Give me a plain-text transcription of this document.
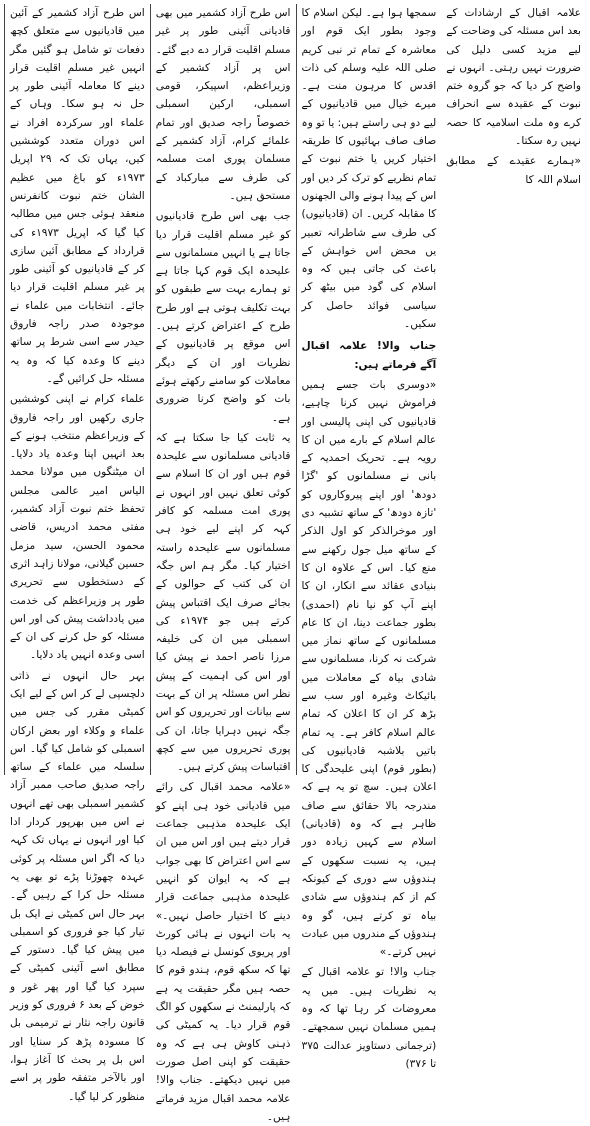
اس طرح آزاد کشمیر کے آئین میں قادیانیوں سے متعلق کچھ دفعات تو شامل ہو گئیں مگر انہیں غیر مسلم اقلیت قرار دینے کا معاملہ آئینی طور پر حل نہ ہو سکا۔ وہاں کے علماء اور سرکردہ افراد نے اس دوران متعدد کوششیں کیں، یہاں تک کہ ۲۹ اپریل ۱۹۷۳ء کو باغ میں عظیم الشان ختم نبوت کانفرنس منعقد ہوئی جس میں مطالبہ کیا گیا کہ اپریل ۱۹۷۳ء کی قرارداد کے مطابق آئین سازی کر کے قادیانیوں کو آئینی طور پر غیر مسلم اقلیت قرار دیا جائے۔ انتخابات میں علماء نے موجودہ صدر راجہ فاروق حیدر سے اسی شرط پر ساتھ دینے کا وعدہ کیا کہ وہ یہ مسئلہ حل کرائیں گے۔

علماء کرام نے اپنی کوششیں جاری رکھیں اور راجہ فاروق کے وزیراعظم منتخب ہونے کے بعد انہیں اپنا وعدہ یاد دلایا۔ ان میٹنگوں میں مولانا محمد الیاس امیر عالمی مجلس تحفظ ختم نبوت آزاد کشمیر، مفتی محمد ادریس، قاضی محمود الحسن، سید مزمل حسین گیلانی، مولانا زاہد اثری کے دستخطوں سے تحریری طور پر وزیراعظم کی خدمت میں یادداشت پیش کی اور اس مسئلہ کو حل کرنے کی ان کے اسی وعدہ انہیں یاد دلایا۔

بہر حال انہوں نے ذاتی دلچسپی لے کر اس کے لیے ایک کمیٹی مقرر کی جس میں علماء و وکلاء اور بعض ارکان اسمبلی کو شامل کیا گیا۔ اس سلسلہ میں علماء کے ساتھ راجہ صدیق صاحب ممبر آزاد کشمیر اسمبلی بھی تھے انہوں نے اس میں بھرپور کردار ادا کیا اور انہوں نے یہاں تک کہہ دیا کہ اگر اس مسئلہ پر کوئی عہدہ چھوڑنا پڑے تو بھی یہ مسئلہ حل کرا کے رہیں گے۔ بہر حال اس کمیٹی نے ایک بل تیار کیا جو فروری کو اسمبلی میں پیش کیا گیا۔ دستور کے مطابق اسے آئینی کمیٹی کے سپرد کیا گیا اور پھر غور و خوض کے بعد ۶ فروری کو وزیر قانون راجہ نثار نے ترمیمی بل کا مسودہ پڑھ کر سنایا اور اس بل پر بحث کا آغاز ہوا، اور بالآخر متفقہ طور پر اسے منظور کر لیا گیا۔

اس طرح آزاد کشمیر میں بھی قادیانی آئینی طور پر غیر مسلم اقلیت قرار دے دیے گئے۔ اس پر آزاد کشمیر کے وزیراعظم، اسپیکر، قومی اسمبلی، ارکین اسمبلی خصوصاً راجہ صدیق اور تمام علمائے کرام، آزاد کشمیر کے مسلمان پوری امت مسلمہ کی طرف سے مبارکباد کے مستحق ہیں۔

جب بھی اس طرح قادیانیوں کو غیر مسلم اقلیت قرار دیا جاتا ہے یا انہیں مسلمانوں سے علیحدہ ایک قوم کہا جاتا ہے تو ہمارے بہت سے طبقوں کو بہت تکلیف ہوتی ہے اور طرح طرح کے اعتراض کرتے ہیں۔ اس موقع پر قادیانیوں کے نظریات اور ان کے دیگر معاملات کو سامنے رکھتے ہوئے بات کو واضح کرنا ضروری ہے۔

یہ ثابت کیا جا سکتا ہے کہ قادیانی مسلمانوں سے علیحدہ قوم ہیں اور ان کا اسلام سے کوئی تعلق نہیں اور انہوں نے پوری امت مسلمہ کو کافر کہہ کر اپنے لیے خود ہی مسلمانوں سے علیحدہ راستہ اختیار کیا۔ مگر ہم اس جگہ ان کی کتب کے حوالوں کے بجائے صرف ایک اقتباس پیش کرتے ہیں جو ۱۹۷۴ء کی اسمبلی میں ان کی خلیفہ مرزا ناصر احمد نے پیش کیا اور اس کی اہمیت کے پیش نظر اس مسئلہ پر ان کے بہت سے بیانات اور تحریروں کو اس جگہ نہیں دہرایا جاتا، ان کی پوری تحریروں میں سے کچھ اقتباسات پیش کرتے ہیں۔

«علامہ محمد اقبال کی رائے میں قادیانی خود ہی اپنے کو ایک علیحدہ مذہبی جماعت قرار دیتے ہیں اور اس میں ان سے اس اعتراض کا بھی جواب ہے کہ یہ ایوان کو انہیں علیحدہ مذہبی جماعت قرار دینے کا اختیار حاصل نہیں۔» یہ بات انہوں نے ہائی کورٹ اور پریوی کونسل نے فیصلہ دیا تھا کہ سکھ قوم، ہندو قوم کا حصہ ہیں مگر حقیقت یہ ہے کہ پارلیمنٹ نے سکھوں کو الگ قوم قرار دیا۔ یہ کمیٹی کی ذہنی کاوش ہی ہے کہ وہ حقیقت کو اپنی اصل صورت میں نہیں دیکھتے۔ جناب والا! علامہ محمد اقبال مزید فرماتے ہیں۔

سمجھا ہوا ہے۔ لیکن اسلام کا وجود بطور ایک قوم اور معاشرہ کے تمام تر نبی کریم صلی اللہ علیہ وسلم کی ذات اقدس کا مرہون منت ہے۔ میرے خیال میں قادیانیوں کے لیے دو ہی راستے ہیں: یا تو وہ صاف صاف بہائیوں کا طریقہ اختیار کریں یا ختم نبوت کے تمام نظریے کو ترک کر دیں اور اس کے پیدا ہونے والی الجھنوں کا مقابلہ کریں۔ ان (قادیانیوں) کی طرف سے شاطرانہ تعبیر یں محض اس خواہش کے باعث کی جاتی ہیں کہ وہ اسلام کی گود میں بیٹھ کر سیاسی فوائد حاصل کر سکیں۔

جناب والا! علامہ اقبال آگے فرماتے ہیں:

«دوسری بات جسے ہمیں فراموش نہیں کرنا چاہیے، قادیانیوں کی اپنی پالیسی اور عالم اسلام کے بارے میں ان کا رویہ ہے۔ تحریک احمدیہ کے بانی نے مسلمانوں کو 'گڑا دودھ' اور اپنے پیروکاروں کو 'تازہ دودھ' کے ساتھ تشبیہ دی اور موخرالذکر کو اول الذکر کے ساتھ میل جول رکھنے سے منع کیا۔ اس کے علاوہ ان کا بنیادی عقائد سے انکار، ان کا اپنے آپ کو نیا نام (احمدی) بطور جماعت دینا، ان کا عام مسلمانوں کے ساتھ نماز میں شرکت نہ کرنا، مسلمانوں سے شادی بیاہ کے معاملات میں بائیکاٹ وغیرہ اور سب سے بڑھ کر ان کا اعلان کہ تمام عالم اسلام کافر ہے۔ یہ تمام باتیں بلاشبہ قادیانیوں کی (بطور قوم) اپنی علیحدگی کا اعلان ہیں۔ سچ تو یہ ہے کہ مندرجہ بالا حقائق سے صاف ظاہر ہے کہ وہ (قادیانی) اسلام سے کہیں زیادہ دور ہیں، یہ نسبت سکھوں کے ہندوؤں سے دوری کے کیونکہ کم از کم ہندوؤں سے شادی بیاہ تو کرتے ہیں، گو وہ ہندوؤں کے مندروں میں عبادت نہیں کرتے۔»

جناب والا! تو علامہ اقبال کے یہ نظریات ہیں۔ میں یہ معروضات کر رہا تھا کہ وہ ہمیں مسلمان نہیں سمجھتے۔ (ترجمانی دستاویز عدالت ۳۷۵ تا ۳۷۶)

علامہ اقبال کے ارشادات کے بعد اس مسئلہ کی وضاحت کے لیے مزید کسی دلیل کی ضرورت نہیں رہتی۔ انہوں نے واضح کر دیا کہ جو گروہ ختم نبوت کے عقیدہ سے انحراف کرے وہ ملت اسلامیہ کا حصہ نہیں رہ سکتا۔

«ہمارے عقیدے کے مطابق اسلام اللہ کا
